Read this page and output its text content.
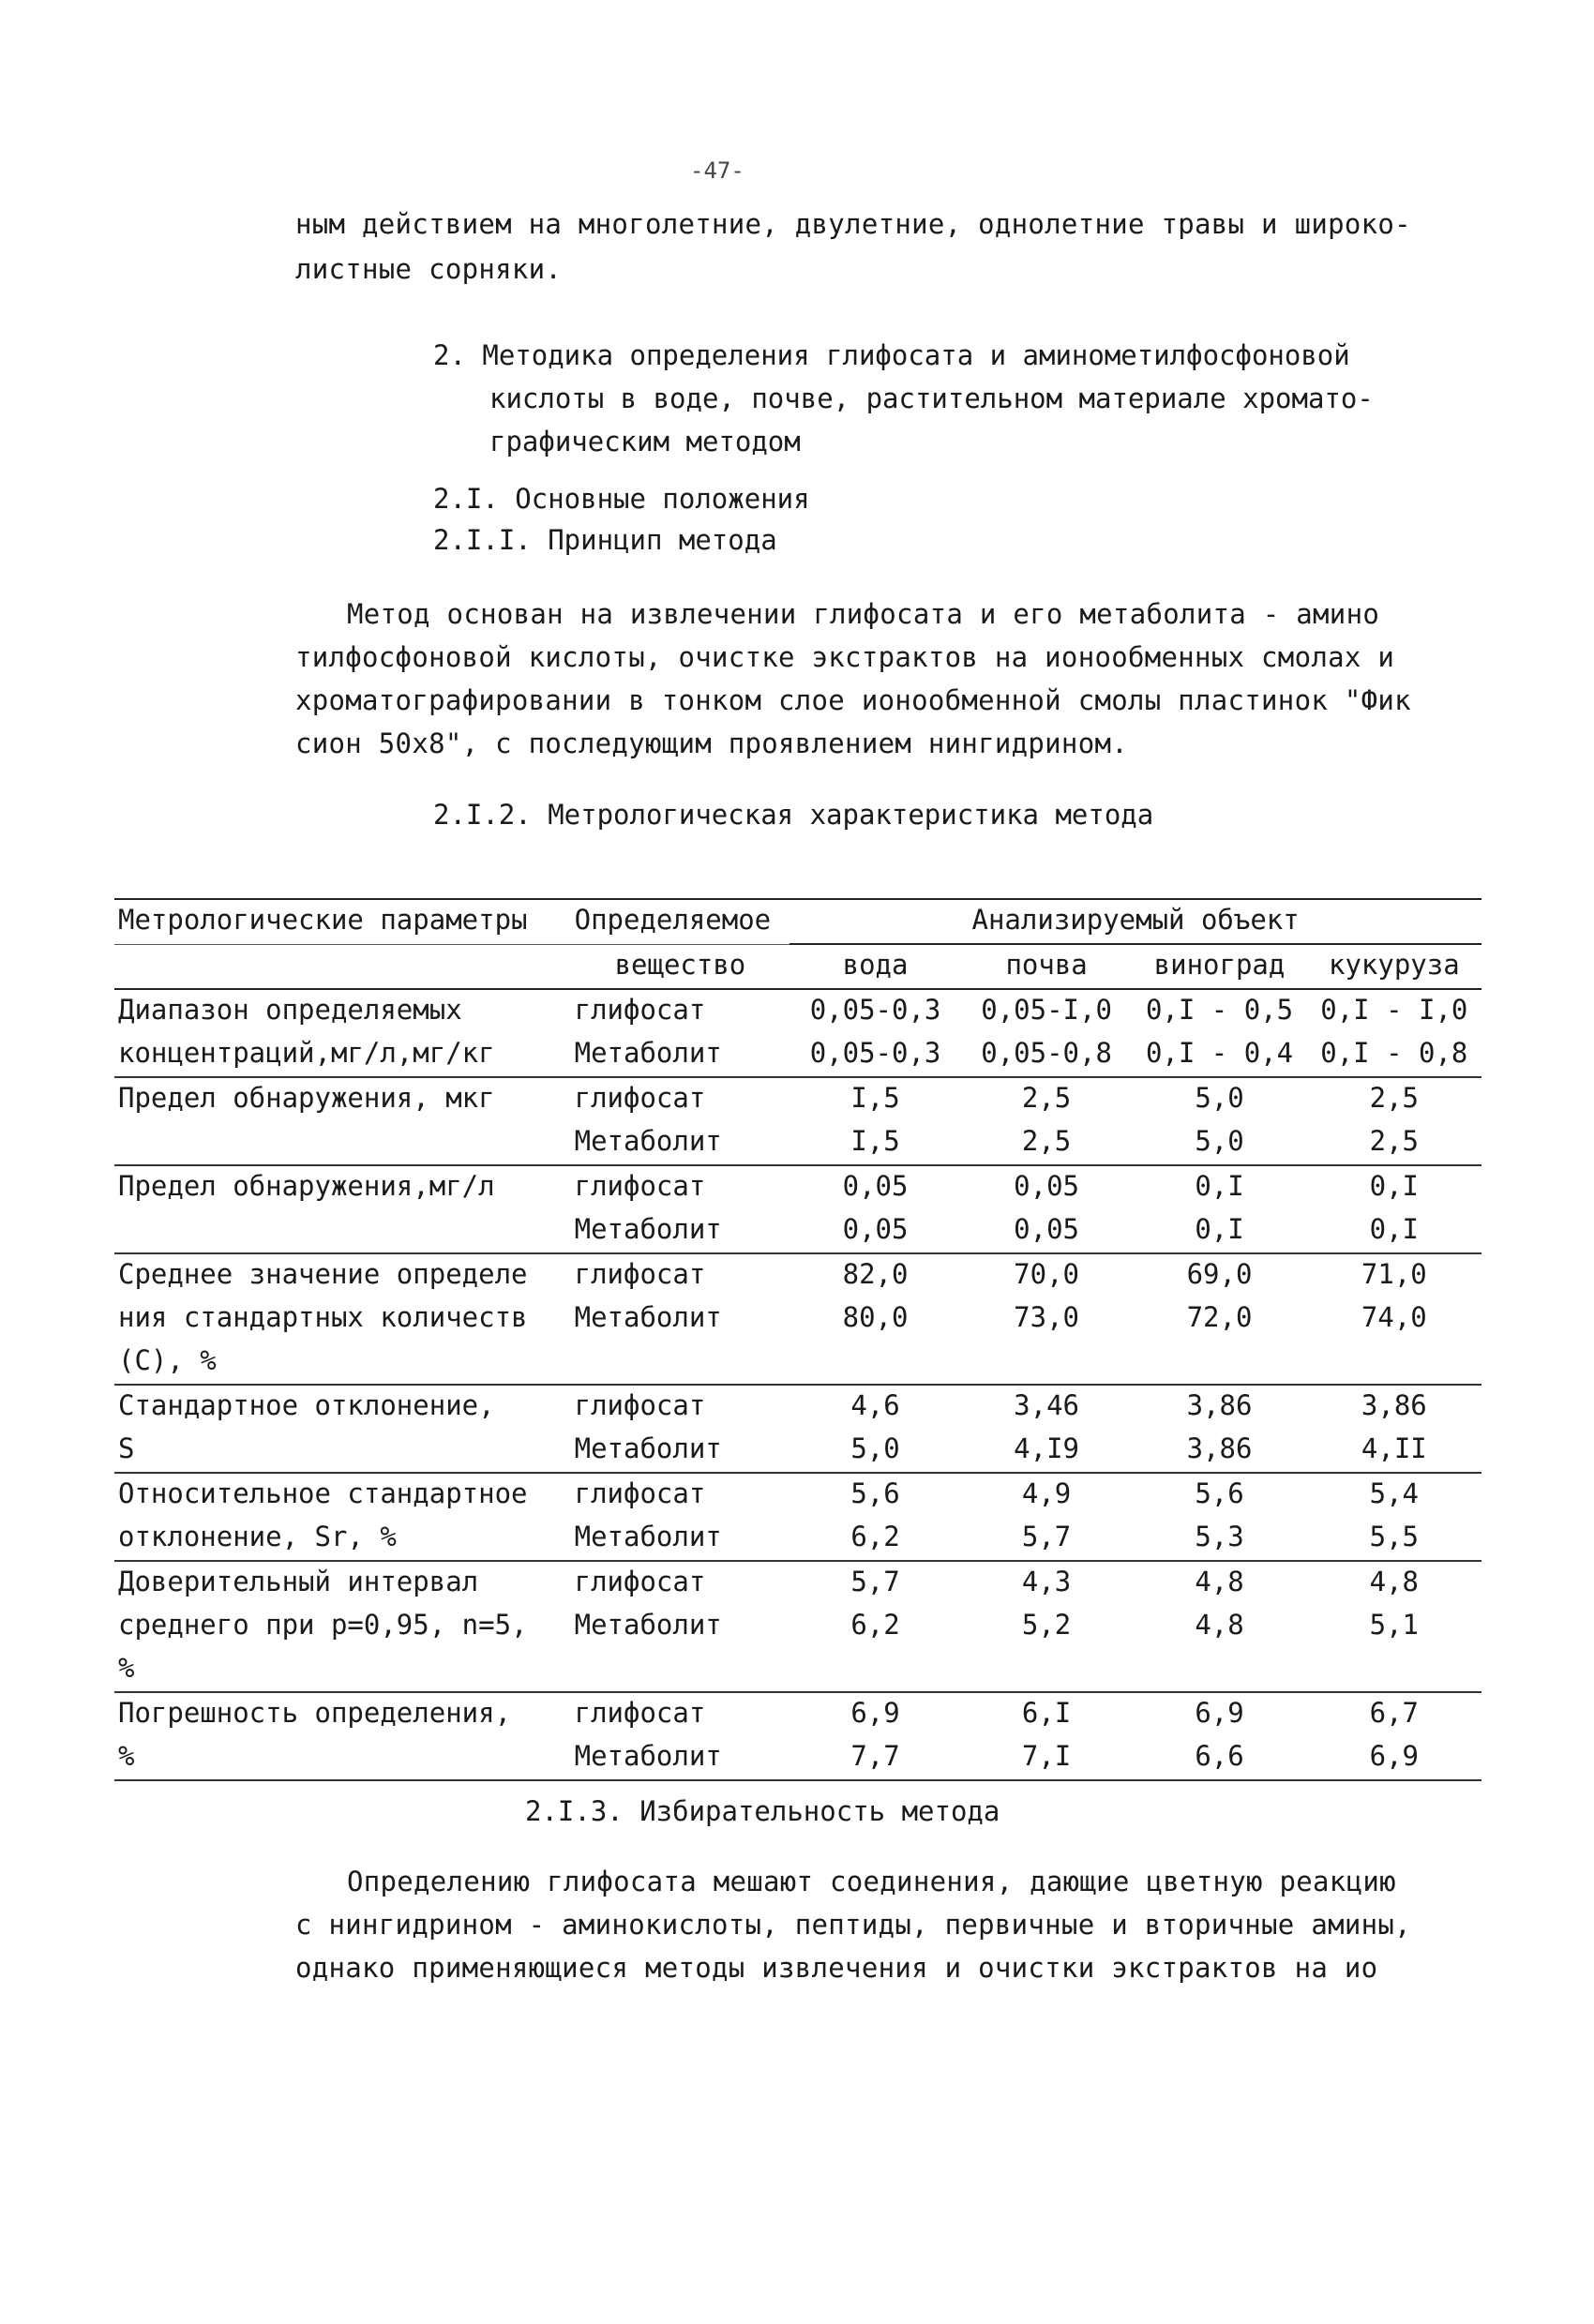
-47-
ным действием на многолетние, двулетние, однолетние травы и широко-
листные сорняки.
2. Методика определения глифосата и аминометилфосфоновой
кислоты в воде, почве, растительном материале хромато-
графическим методом
2.I. Основные положения
2.I.I. Принцип метода
Метод основан на извлечении глифосата и его метаболита - амино
тилфосфоновой кислоты, очистке экстрактов на ионообменных смолах и
хроматографировании в тонком слое ионообменной смолы пластинок "Фик
сион 50х8", с последующим проявлением нингидрином.
2.I.2. Метрологическая характеристика метода
Метрологические параметры	Определяемое	Анализируемый объект			
	вещество	вода	почва	виноград	кукуруза
Диапазон определяемых	глифосат	0,05-0,3	0,05-I,0	0,I - 0,5	0,I - I,0
концентраций,мг/л,мг/кг	Метаболит	0,05-0,3	0,05-0,8	0,I - 0,4	0,I - 0,8
Предел обнаружения, мкг	глифосат	I,5	2,5	5,0	2,5
	Метаболит	I,5	2,5	5,0	2,5
Предел обнаружения,мг/л	глифосат	0,05	0,05	0,I	0,I
	Метаболит	0,05	0,05	0,I	0,I
Среднее значение определе	глифосат	82,0	70,0	69,0	71,0
ния стандартных количеств	Метаболит	80,0	73,0	72,0	74,0
(С), %					
Стандартное отклонение,	глифосат	4,6	3,46	3,86	3,86
S	Метаболит	5,0	4,I9	3,86	4,II
Относительное стандартное	глифосат	5,6	4,9	5,6	5,4
отклонение, Sr, %	Метаболит	6,2	5,7	5,3	5,5
Доверительный интервал	глифосат	5,7	4,3	4,8	4,8
среднего при p=0,95, n=5,	Метаболит	6,2	5,2	4,8	5,1
%					
Погрешность определения,	глифосат	6,9	6,I	6,9	6,7
%	Метаболит	7,7	7,I	6,6	6,9
2.I.3. Избирательность метода
Определению глифосата мешают соединения, дающие цветную реакцию
с нингидрином - аминокислоты, пептиды, первичные и вторичные амины,
однако применяющиеся методы извлечения и очистки экстрактов на ио
